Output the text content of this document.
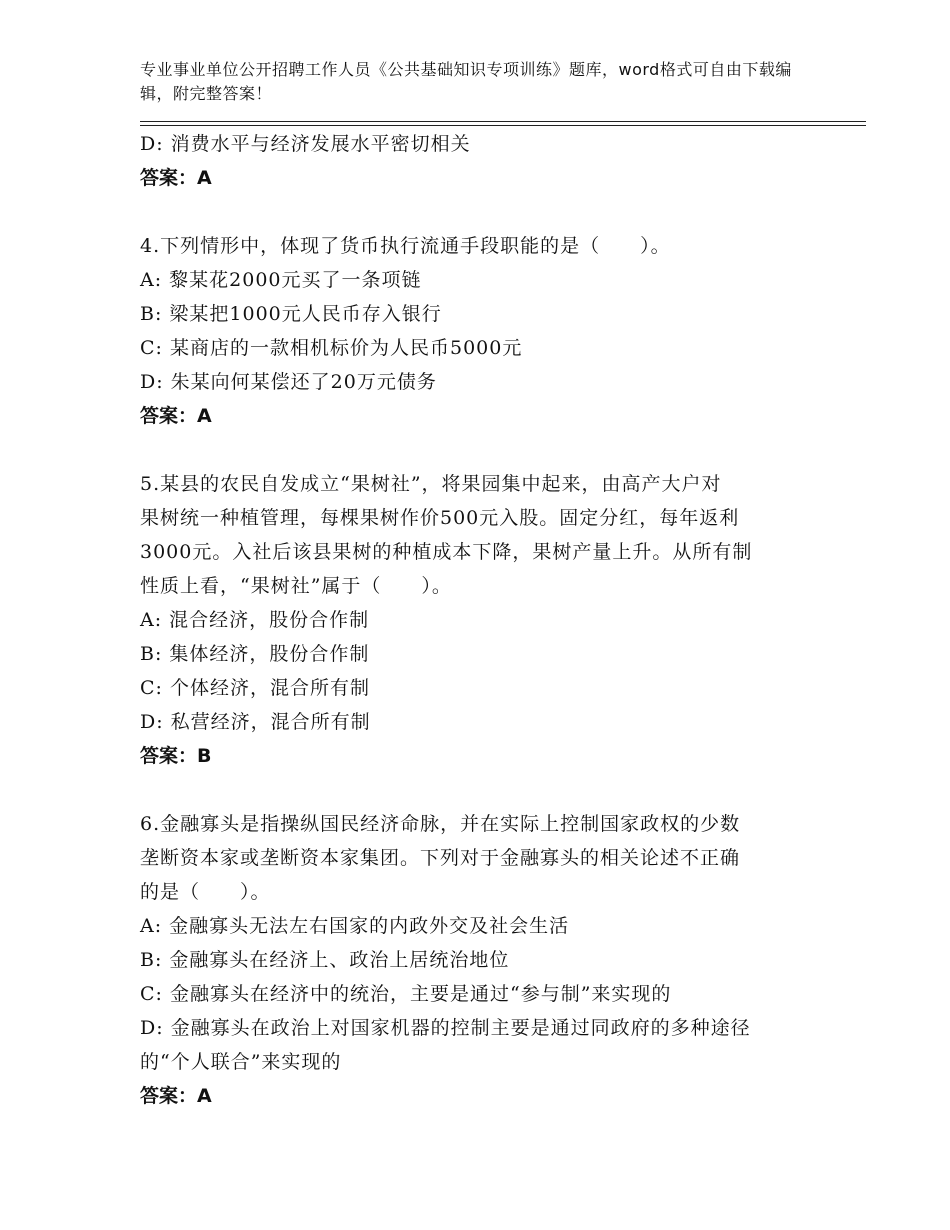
专业事业单位公开招聘工作人员《公共基础知识专项训练》题库，word格式可自由下载编辑，附完整答案！
D: 消费水平与经济发展水平密切相关
答案：A
4.下列情形中，体现了货币执行流通手段职能的是（　　）。
A: 黎某花2000元买了一条项链
B: 梁某把1000元人民币存入银行
C: 某商店的一款相机标价为人民币5000元
D: 朱某向何某偿还了20万元债务
答案：A
5.某县的农民自发成立“果树社”，将果园集中起来，由高产大户对
果树统一种植管理，每棵果树作价500元入股。固定分红，每年返利
3000元。入社后该县果树的种植成本下降，果树产量上升。从所有制
性质上看，“果树社”属于（　　）。
A: 混合经济，股份合作制
B: 集体经济，股份合作制
C: 个体经济，混合所有制
D: 私营经济，混合所有制
答案：B
6.金融寡头是指操纵国民经济命脉，并在实际上控制国家政权的少数
垄断资本家或垄断资本家集团。下列对于金融寡头的相关论述不正确
的是（　　）。
A: 金融寡头无法左右国家的内政外交及社会生活
B: 金融寡头在经济上、政治上居统治地位
C: 金融寡头在经济中的统治，主要是通过“参与制”来实现的
D: 金融寡头在政治上对国家机器的控制主要是通过同政府的多种途径
的“个人联合”来实现的
答案：A
